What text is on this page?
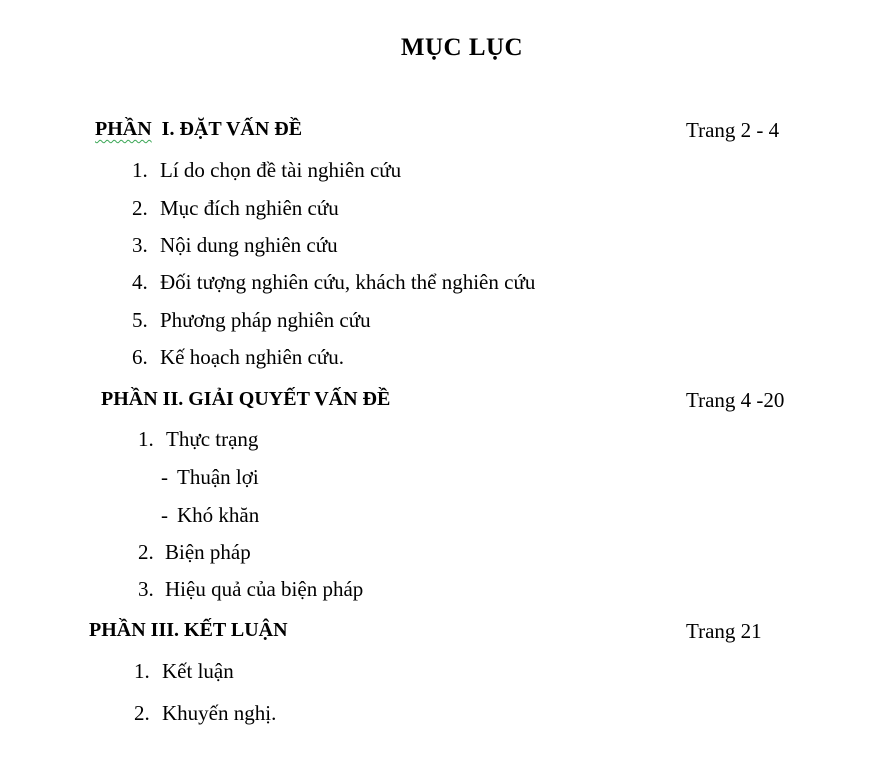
MỤC LỤC
PHẦN  I. ĐẶT VẤN ĐỀ	Trang 2 - 4
1. Lí do chọn đề tài nghiên cứu
2. Mục đích nghiên cứu
3. Nội dung nghiên cứu
4. Đối tượng nghiên cứu, khách thể nghiên cứu
5. Phương pháp nghiên cứu
6. Kế hoạch nghiên cứu.
PHẦN II. GIẢI QUYẾT VẤN ĐỀ	Trang 4 -20
1. Thực trạng
- Thuận lợi
- Khó khăn
2. Biện pháp
3. Hiệu quả của biện pháp
PHẦN III. KẾT LUẬN	Trang 21
1. Kết luận
2. Khuyến nghị.
